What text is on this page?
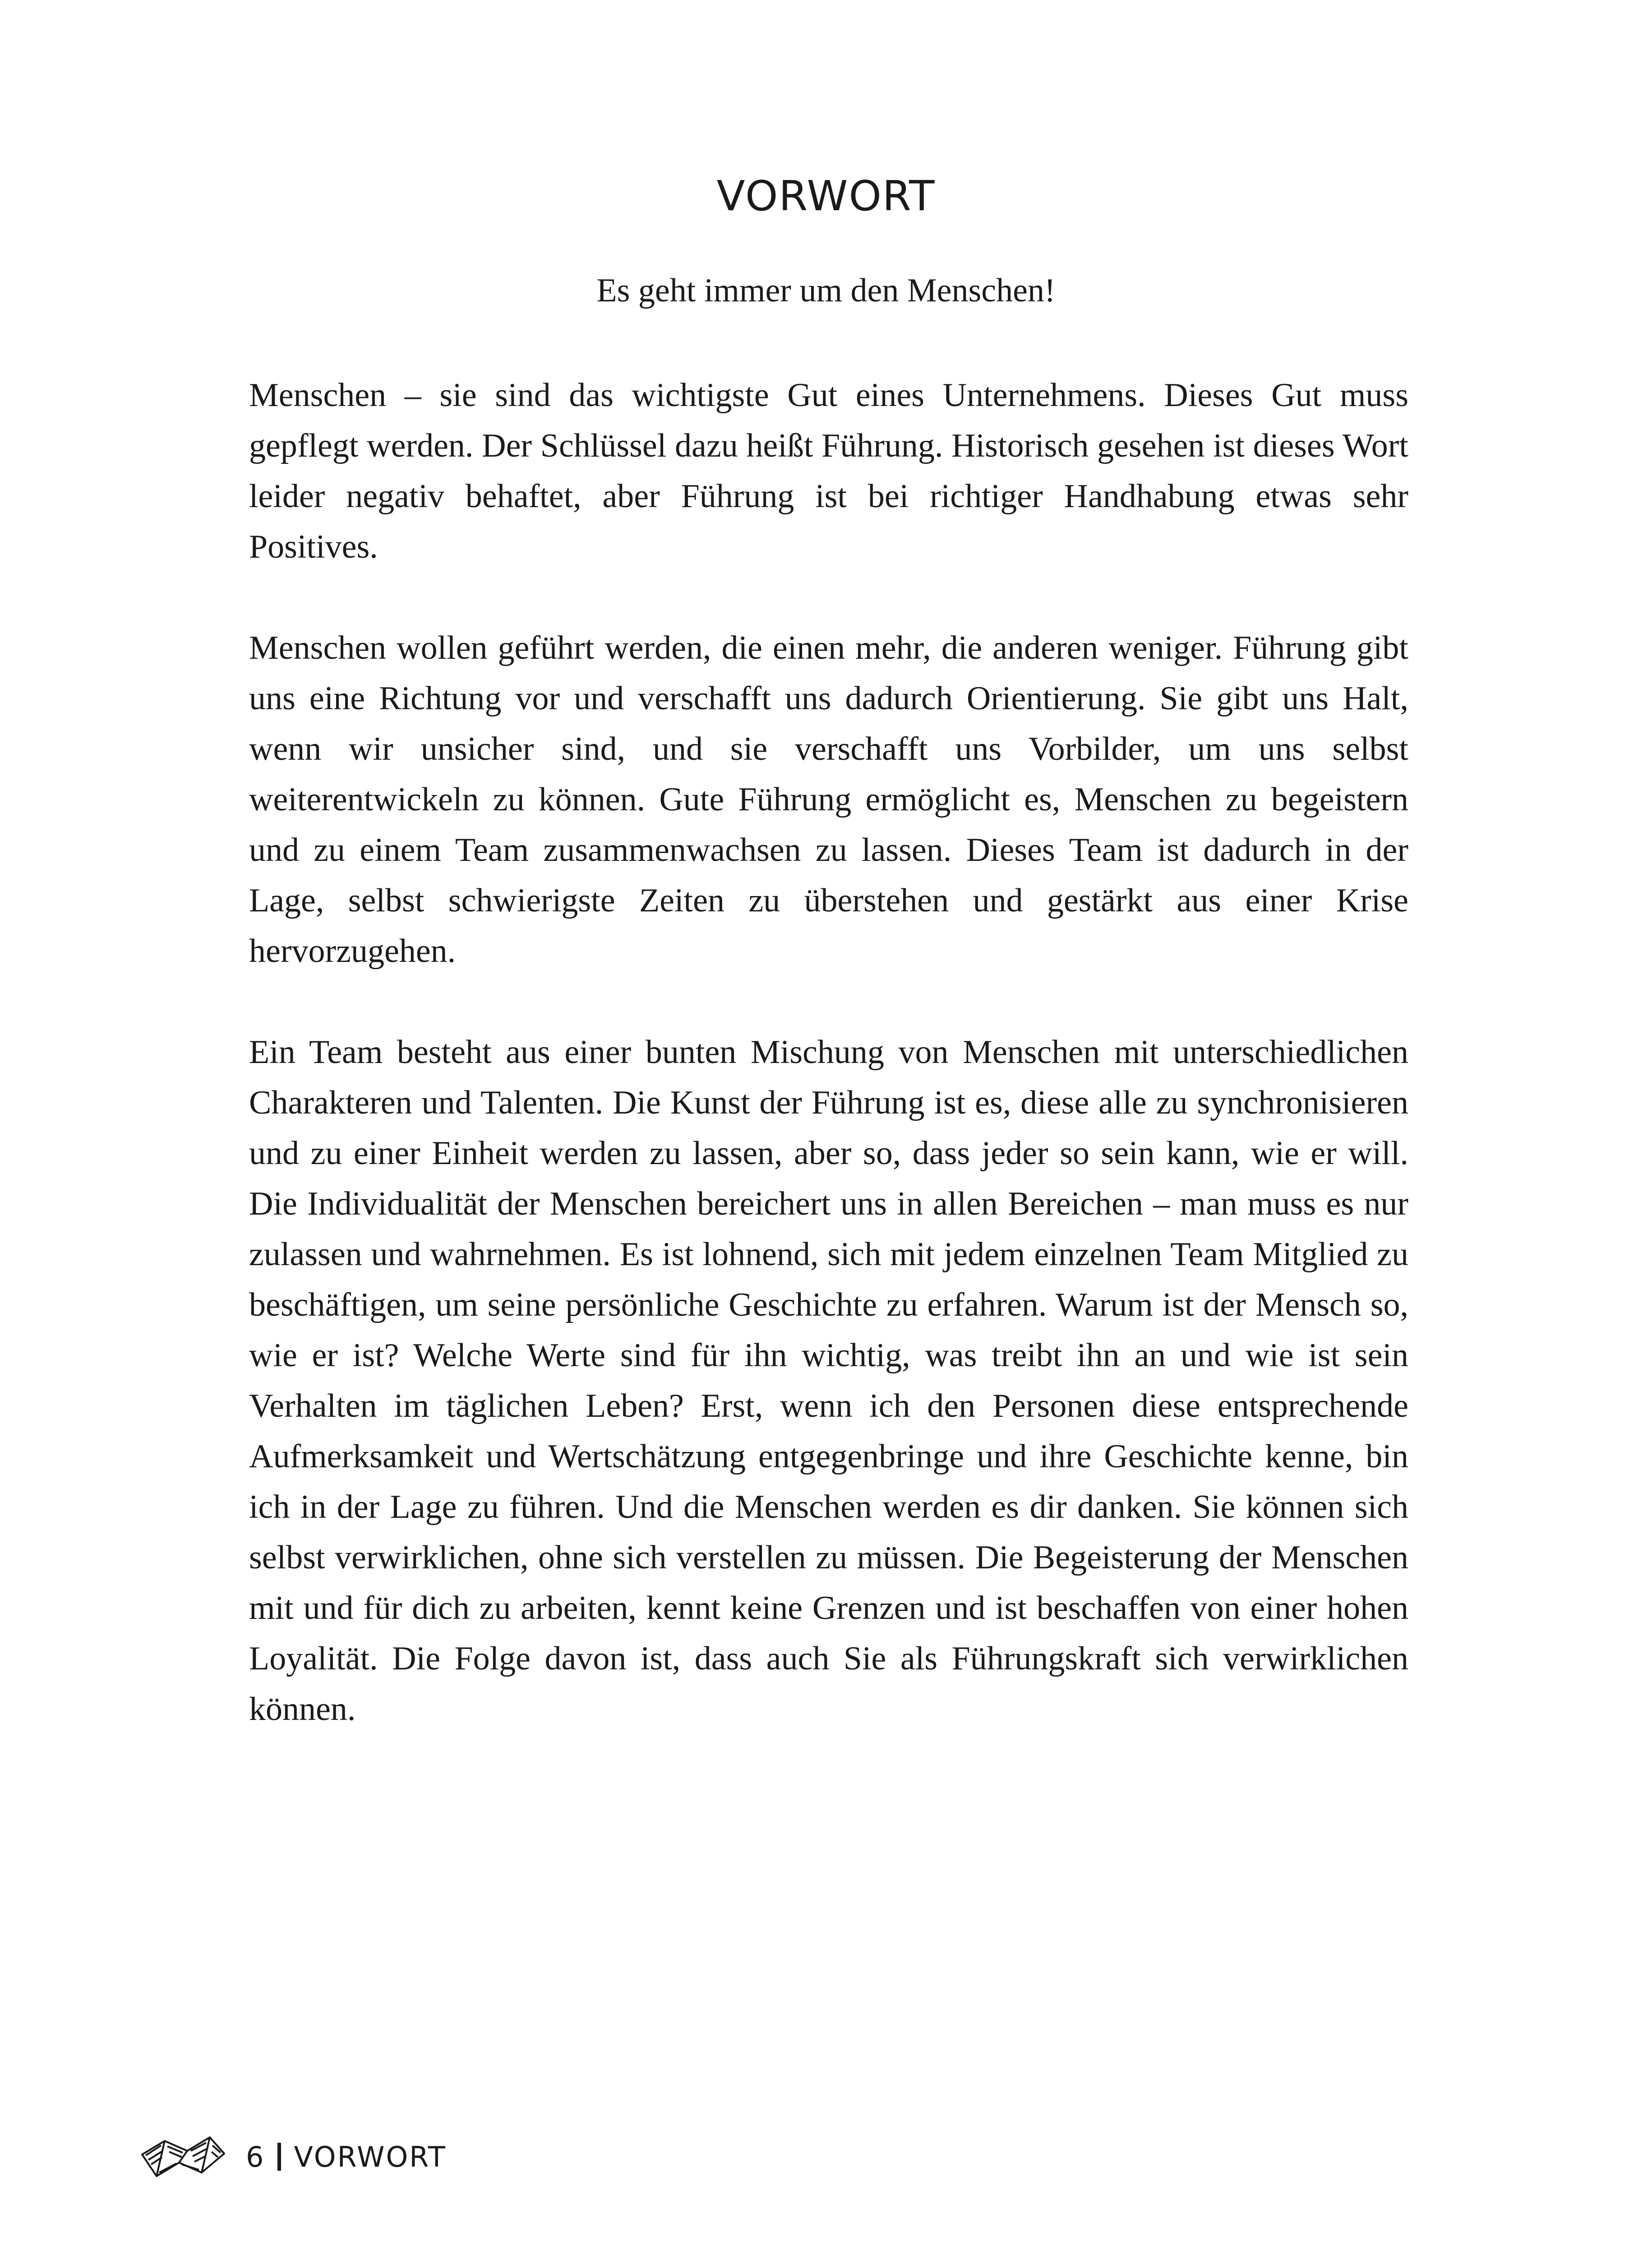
VORWORT

Es geht immer um den Menschen!

Menschen – sie sind das wichtigste Gut eines Unternehmens. Dieses Gut muss gepflegt werden. Der Schlüssel dazu heißt Führung. Historisch gesehen ist dieses Wort leider negativ behaftet, aber Führung ist bei richtiger Handhabung etwas sehr Positives.

Menschen wollen geführt werden, die einen mehr, die anderen weniger. Führung gibt uns eine Richtung vor und verschafft uns dadurch Orientierung. Sie gibt uns Halt, wenn wir unsicher sind, und sie verschafft uns Vorbilder, um uns selbst weiterentwickeln zu können. Gute Führung ermöglicht es, Menschen zu begeistern und zu einem Team zusammenwachsen zu lassen. Dieses Team ist dadurch in der Lage, selbst schwierigste Zeiten zu überstehen und gestärkt aus einer Krise hervorzugehen.

Ein Team besteht aus einer bunten Mischung von Menschen mit unterschiedlichen Charakteren und Talenten. Die Kunst der Führung ist es, diese alle zu synchronisieren und zu einer Einheit werden zu lassen, aber so, dass jeder so sein kann, wie er will. Die Individualität der Menschen bereichert uns in allen Bereichen – man muss es nur zulassen und wahrnehmen. Es ist lohnend, sich mit jedem einzelnen Team Mitglied zu beschäftigen, um seine persönliche Geschichte zu erfahren. Warum ist der Mensch so, wie er ist? Welche Werte sind für ihn wichtig, was treibt ihn an und wie ist sein Verhalten im täglichen Leben? Erst, wenn ich den Personen diese entsprechende Aufmerksamkeit und Wertschätzung entgegenbringe und ihre Geschichte kenne, bin ich in der Lage zu führen. Und die Menschen werden es dir danken. Sie können sich selbst verwirklichen, ohne sich verstellen zu müssen. Die Begeisterung der Menschen mit und für dich zu arbeiten, kennt keine Grenzen und ist beschaffen von einer hohen Loyalität. Die Folge davon ist, dass auch Sie als Führungskraft sich verwirklichen können.

6 VORWORT
